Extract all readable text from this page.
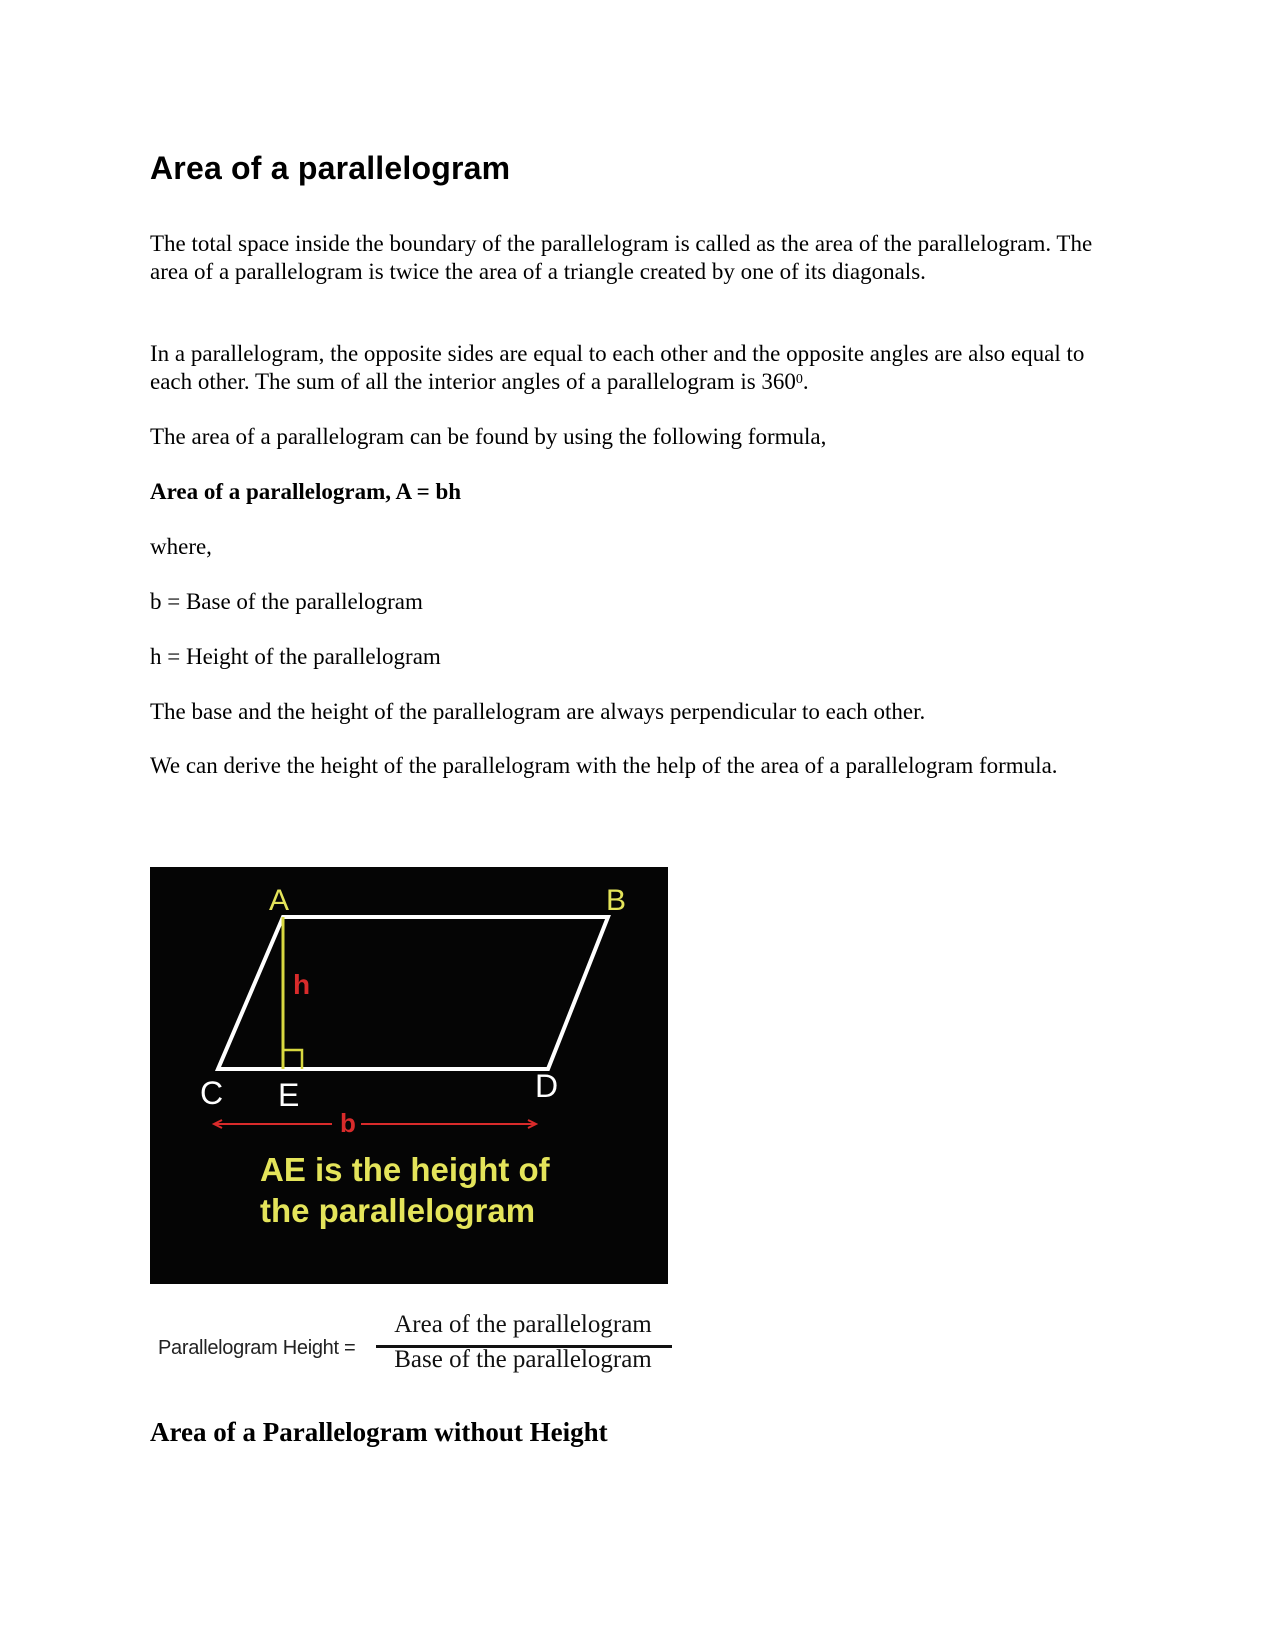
Area of a parallelogram

The total space inside the boundary of the parallelogram is called as the area of the parallelogram. The area of a parallelogram is twice the area of a triangle created by one of its diagonals.

In a parallelogram, the opposite sides are equal to each other and the opposite angles are also equal to each other. The sum of all the interior angles of a parallelogram is $360^0$.

The area of a parallelogram can be found by using the following formula,

Area of a parallelogram, A = bh

where,

b = Base of the parallelogram

h = Height of the parallelogram

The base and the height of the parallelogram are always perpendicular to each other.

We can derive the height of the parallelogram with the help of the area of a parallelogram formula.

Area of a Parallelogram without Height
A	B
C E	D
h
b
AE is the height of
the parallelogram
Parallelogram Height =
Area of the parallelogram
Base of the parallelogram
